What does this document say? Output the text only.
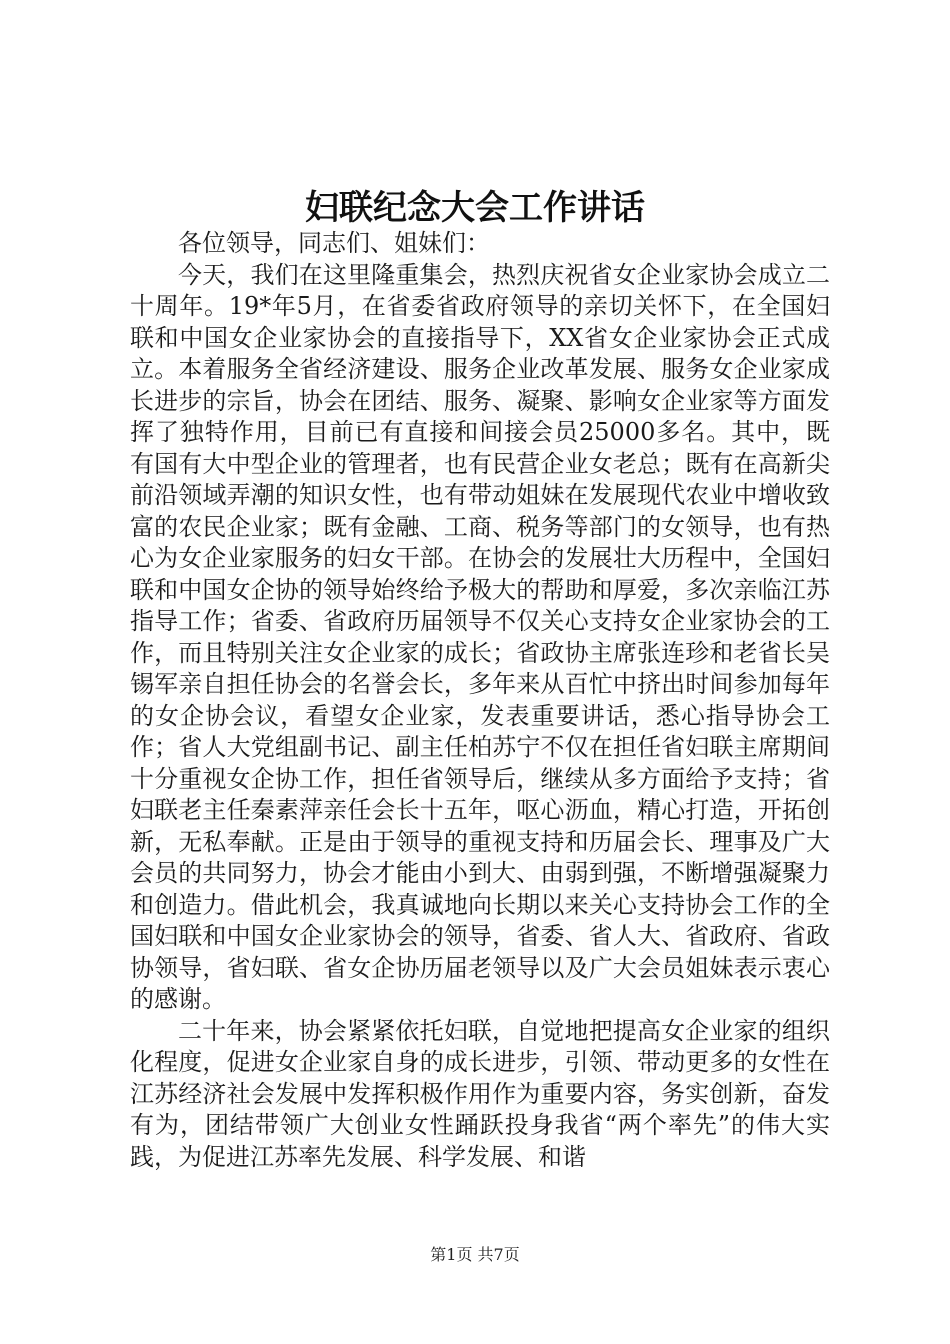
妇联纪念大会工作讲话

各位领导，同志们、姐妹们：

今天，我们在这里隆重集会，热烈庆祝省女企业家协会成立二十周年。19*年5月，在省委省政府领导的亲切关怀下，在全国妇联和中国女企业家协会的直接指导下，XX省女企业家协会正式成立。本着服务全省经济建设、服务企业改革发展、服务女企业家成长进步的宗旨，协会在团结、服务、凝聚、影响女企业家等方面发挥了独特作用，目前已有直接和间接会员25000多名。其中，既有国有大中型企业的管理者，也有民营企业女老总；既有在高新尖前沿领域弄潮的知识女性，也有带动姐妹在发展现代农业中增收致富的农民企业家；既有金融、工商、税务等部门的女领导，也有热心为女企业家服务的妇女干部。在协会的发展壮大历程中，全国妇联和中国女企协的领导始终给予极大的帮助和厚爱，多次亲临江苏指导工作；省委、省政府历届领导不仅关心支持女企业家协会的工作，而且特别关注女企业家的成长；省政协主席张连珍和老省长吴锡军亲自担任协会的名誉会长，多年来从百忙中挤出时间参加每年的女企协会议，看望女企业家，发表重要讲话，悉心指导协会工作；省人大党组副书记、副主任柏苏宁不仅在担任省妇联主席期间十分重视女企协工作，担任省领导后，继续从多方面给予支持；省妇联老主任秦素萍亲任会长十五年，呕心沥血，精心打造，开拓创新，无私奉献。正是由于领导的重视支持和历届会长、理事及广大会员的共同努力，协会才能由小到大、由弱到强，不断增强凝聚力和创造力。借此机会，我真诚地向长期以来关心支持协会工作的全国妇联和中国女企业家协会的领导，省委、省人大、省政府、省政协领导，省妇联、省女企协历届老领导以及广大会员姐妹表示衷心的感谢。

二十年来，协会紧紧依托妇联，自觉地把提高女企业家的组织化程度，促进女企业家自身的成长进步，引领、带动更多的女性在江苏经济社会发展中发挥积极作用作为重要内容，务实创新，奋发有为，团结带领广大创业女性踊跃投身我省“两个率先”的伟大实践，为促进江苏率先发展、科学发展、和谐

第1页 共7页
